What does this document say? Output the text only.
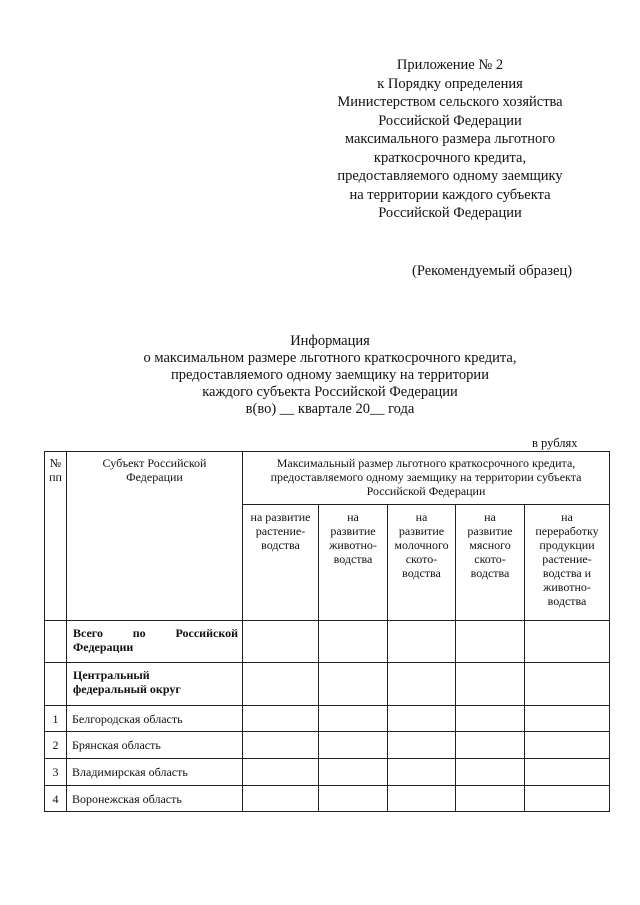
Приложение № 2
к Порядку определения
Министерством сельского хозяйства
Российской Федерации
максимального размера льготного
краткосрочного кредита,
предоставляемого одному заемщику
на территории каждого субъекта
Российской Федерации
(Рекомендуемый образец)
Информация
о максимальном размере льготного краткосрочного кредита,
предоставляемого одному заемщику на территории
каждого субъекта Российской Федерации
в(во) __ квартале 20__ года
в рублях
№ пп	Субъект Российской Федерации	Максимальный размер льготного краткосрочного кредита, предоставляемого одному заемщику на территории субъекта Российской Федерации				
		на развитие растение-водства	на развитие животно-водства	на развитие молочного ското-водства	на развитие мясного ското-водства	на переработку продукции растение-водства и животно-водства
	Всего по Российской Федерации					
	Центральный федеральный округ					
1	Белгородская область					
2	Брянская область					
3	Владимирская область					
4	Воронежская область					
